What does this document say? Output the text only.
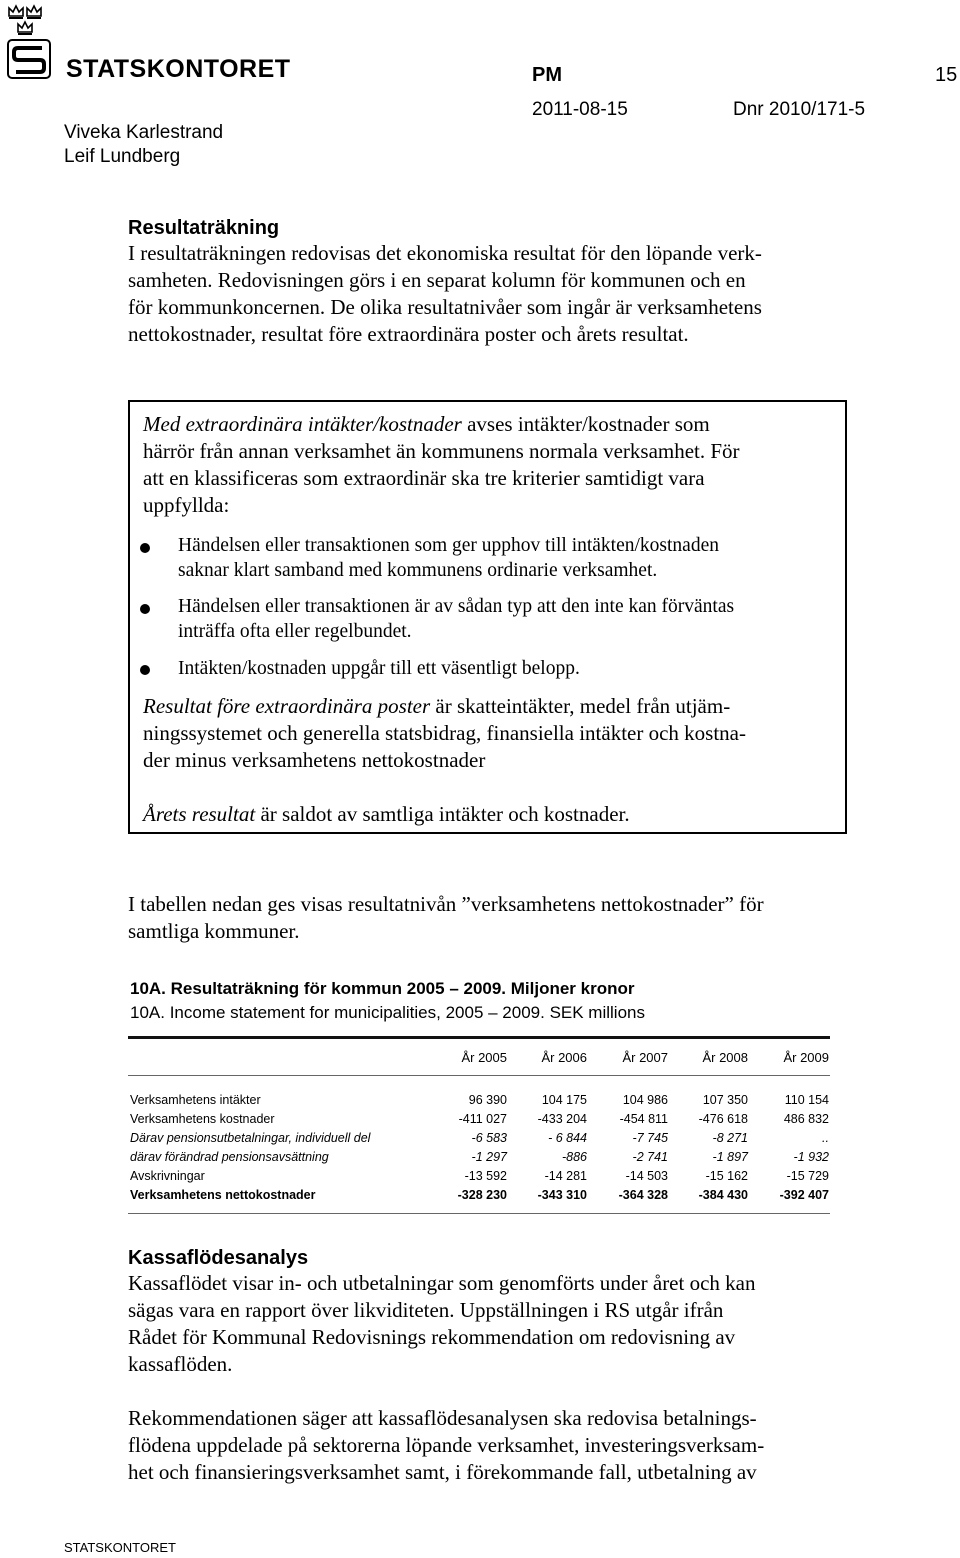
STATSKONTORET	PM	15
2011-08-15	Dnr 2010/171-5
Viveka Karlestrand
Leif Lundberg
Resultaträkning
I resultaträkningen redovisas det ekonomiska resultat för den löpande verk-
samheten. Redovisningen görs i en separat kolumn för kommunen och en
för kommunkoncernen. De olika resultatnivåer som ingår är verksamhetens
nettokostnader, resultat före extraordinära poster och årets resultat.
Med extraordinära intäkter/kostnader avses intäkter/kostnader som
härrör från annan verksamhet än kommunens normala verksamhet. För
att en klassificeras som extraordinär ska tre kriterier samtidigt vara
uppfyllda:
Händelsen eller transaktionen som ger upphov till intäkten/kostnaden
saknar klart samband med kommunens ordinarie verksamhet.
Händelsen eller transaktionen är av sådan typ att den inte kan förväntas
inträffa ofta eller regelbundet.
Intäkten/kostnaden uppgår till ett väsentligt belopp.
Resultat före extraordinära poster är skatteintäkter, medel från utjäm-
ningssystemet och generella statsbidrag, finansiella intäkter och kostna-
der minus verksamhetens nettokostnader
Årets resultat är saldot av samtliga intäkter och kostnader.
I tabellen nedan ges visas resultatnivån ”verksamhetens nettokostnader” för
samtliga kommuner.
10A. Resultaträkning för kommun 2005 – 2009. Miljoner kronor
10A. Income statement for municipalities, 2005 – 2009. SEK millions
År 2005	År 2006	År 2007	År 2008	År 2009
Verksamhetens intäkter	96 390	104 175	104 986	107 350	110 154
Verksamhetens kostnader	-411 027	-433 204	-454 811	-476 618	486 832
Därav pensionsutbetalningar, individuell del	-6 583	- 6 844	-7 745	-8 271	..
därav förändrad pensionsavsättning	-1 297	-886	-2 741	-1 897	-1 932
Avskrivningar	-13 592	-14 281	-14 503	-15 162	-15 729
Verksamhetens nettokostnader	-328 230	-343 310	-364 328	-384 430	-392 407
Kassaflödesanalys
Kassaflödet visar in- och utbetalningar som genomförts under året och kan
sägas vara en rapport över likviditeten. Uppställningen i RS utgår ifrån
Rådet för Kommunal Redovisnings rekommendation om redovisning av
kassaflöden.
Rekommendationen säger att kassaflödesanalysen ska redovisa betalnings-
flödena uppdelade på sektorerna löpande verksamhet, investeringsverksam-
het och finansieringsverksamhet samt, i förekommande fall, utbetalning av
STATSKONTORET
